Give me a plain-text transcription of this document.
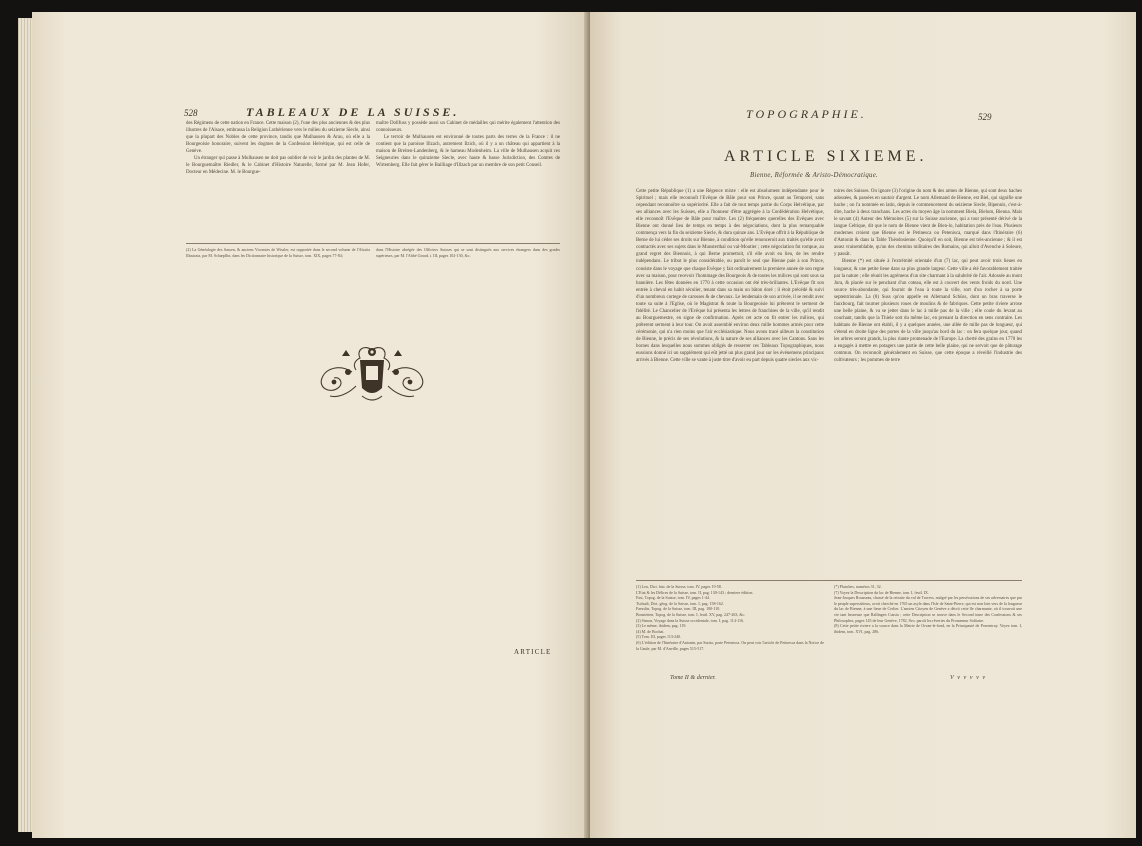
528	TABLEAUX DE LA SUISSE.

des Régimens de cette nation en France. Cette maison (2), l'une des plus anciennes & des plus illustres de l'Alsace, embrassa la Religion Luthérienne vers le milieu du seizieme Siecle, ainsi que la plupart des Nobles de cette province, tandis que Mulhausen & Arau, où elle a la Bourgeoisie honoraire, suivent les dogmes de la Confession Helvétique, qui est celle de Genève.

Un étranger qui passe à Mulhausen ne doit pas oublier de voir le jardin des plantes de M. le Bourguemaître Riedler, & le Cabinet d'Histoire Naturelle, formé par M. Jean Hofer, Docteur en Médecine. M. le Bourgue-

maître Dollfuss y possède aussi un Cabinet de médailles qui mérite également l'attention des connoisseurs.

Le terroir de Mulhausen est environné de toutes parts des terres de la France : il ne contient que la paroisse Illzach, autrement Ilzich, où il y a un château qui appartient à la maison de Breiten-Landenberg, & le hameau Modenheim. La ville de Mulhausen acquit ces Seigneuries dans le quinzieme Siecle, avec haute & basse Jurisdiction, des Comtes de Wirtemberg. Elle fait gérer le Bailliage d'Illzach par un membre de son petit Conseil.

(2) La Généalogie des Sassen, & anciens Vicomtes de Wissler, est rapportée dans le second volume de l'Alsatia Illustrata, par M. Schœpflin, dans les Dictionnaire historique de la Suisse, tom. XIX, pages 77-84;
dans l'Histoire abrégée des Officiers Suisses qui se sont distingués aux services étrangers dans des grades supérieurs, par M. l'Abbé Girard, t. III, pages 102-130, &c.
ARTICLE
TOPOGRAPHIE.	529
ARTICLE SIXIEME.
Bienne, Réformée & Aristo-Démocratique.

Cette petite République (1) a une Régence mixte : elle est absolument indépendante pour le Spirituel ; mais elle reconnoît l'Evêque de Bâle pour son Prince, quant au Temporel, sans cependant reconnoître sa supériorité. Elle a fait de tout temps partie du Corps Helvétique, par ses alliances avec les Suisses, elle a l'honneur d'être aggrégée à la Confédération Helvétique, elle reconnoît l'Evêque de Bâle pour maître. Les (2) fréquentes querelles des Evêques avec Bienne ont donné lieu de temps en temps à des négociations, dont la plus remarquable commença vers la fin du seizieme Siecle, & dura quinze ans. L'Evêque offrit à la République de Berne de lui céder ses droits sur Bienne, à condition qu'elle renonceroit aux traités qu'elle avoit contractés avec ses sujets dans le Munsterthal ou val-Moutier ; cette négociation fut rompue, au grand regret des Biennois, à qui Berne promettoit, s'il elle avoit eu lieu, de les rendre indépendans. Le tribut le plus considérable, ou paroît le seul que Bienne paie à son Prince, consiste dans le voyage que chaque Evêque y fait ordinairement la premiere année de son regne avec sa maison, pour recevoir l'hommage des Bourgeois & de toutes les milices qui sont sous sa bannière. Les fêtes données en 1770 à cette occasion ont été très-brillantes. L'Evêque fit son entrée à cheval en habit séculier, tenant dans sa main un bâton doré ; il étoit précédé & suivi d'un nombreux cortege de carosses & de chevaux. Le lendemain de son arrivée, il se rendit avec toute sa suite à l'Eglise, où le Magistrat & toute la Bourgeoisie lui prêterent le serment de fidélité. Le Chancelier de l'Evêque lui présenta les lettres de franchises de la ville, qu'il rendit au Bourguemestre, en signe de confirmation. Après cet acte on fit entrer les milices, qui prêterent serment à leur tour. On avoit assemblé environ deux mille hommes armés pour cette cérémonie, qui n'a rien moins que l'air ecclésiastique. Nous avons tracé ailleurs la constitution de Bienne, le précis de ses révolutions, & la nature de ses alliances avec les Cantons. Sans les bornes dans lesquelles nous sommes obligés de resserrer ces Tableaux Topographiques, nous eussions donné ici un supplément qui eût jetté un plus grand jour sur les événemens principaux arrivés à Bienne. Cette ville se vante à juste titre d'avoir eu part depuis quatre siecles aux vic-

toires des Suisses. On ignore (3) l'origine du nom & des armes de Bienne, qui sont deux haches adossées, & passées en sautoir d'argent. Le nom Allemand de Bienne, est Biel, qui signifie une hache ; on l'a nommée en latin, depuis le commencement du seizieme Siecle, Bipennis, c'est-à-dire, hache à deux tranchans. Les actes du moyen âge la nomment Biela, Bielum, Bienna. Mais le savant (4) Auteur des Mémoires (5) sur la Suisse ancienne, qui a tout présenté dérivé de la langue Celtique, dit que le nom de Bienne vient de Bien-lo, habitation près de l'eau. Plusieurs modernes croient que Bienne est le Petinesca ou Petenisca, marqué dans l'Itinéraire (6) d'Antonin & dans la Table Théodosienne. Quoiqu'il en soit, Bienne est très-ancienne ; & il est assez vraisemblable, qu'un des chemins militaires des Romains, qui alloit d'Avenche à Soleure, y passât.

Bienne (*) est située à l'extrémité orientale d'un (7) lac, qui peut avoir trois lieues en longueur, & une petite lieue dans sa plus grande largeur. Cette ville a été favorablement traitée par la nature ; elle réunit les agrémens d'un site charmant à la salubrité de l'air. Adossée au mont Jura, & placée sur le penchant d'un coteau, elle est à couvert des vents froids du nord. Une source très-abondante, qui fournit de l'eau à toute la ville, sort d'un rocher à sa porte septentrionale. La (8) Suss qu'on appelle en Allemand Schüss, dont un bras traverse le fauxbourg, fait tourner plusieurs roues de moulins & de fabriques. Cette petite riviere arrose une belle plaine, & va se jetter dans le lac à mille pas de la ville ; elle coule du levant au couchant, tandis que la Thiele sort du même lac, en prenant la direction en sens contraire. Les habitans de Bienne ont établi, il y a quelques années, une allée de mille pas de longueur, qui s'étend en droite ligne des portes de la ville jusqu'au bord du lac : on fera quelque jour, quand les arbres seront grands, la plus riante promenade de l'Europe. La cherté des grains en 1770 les a engagés à mettre en potagers une partie de cette belle plaine, qui ne servoit que de pâturage commun. On reconnoît généralement en Suisse, que cette époque a réveillé l'industrie des cultivateurs ; les pommes de terre

(1) Leu, Dict. hist. de la Suisse, tom. IV, pages 19-58.
L'Etat & les Délices de la Suisse, tom. II, pag. 130-143 ; derniere édition.
Fast, Topog. de la Suisse, tom. IV, pages 1-44.
Tschudi, Dict. géog. de la Suisse, tom. I, pag. 158-162.
Faesslin, Topog. de la Suisse, tom. III, pag. 100-110.
Bonstetten, Topog. de la Suisse, tom. I, feuil. XV, pag. 247-263, &c.
(2) Simon, Voyage dans la Suisse occidentale, tom. I, pag. 114-116.
(3) Le même, ibidem, pag. 119.
(4) M. de Bochat.
(5) Tom. III, pages 113-240.
(6) L'édition de l'Itinéraire d'Antonin, par Surita, porte Petenisca. On peut voir l'article de Petinesca dans la Notice de la Gaule, par M. d'Anville, pages 515-517.
(*) Planches, numéros 31, 32.
(7) Voyez la Description du lac de Bienne, tom. I, feuil. IX.
Jean-Jacques Rousseau, chassé de la retraite du val de Travers, malgré par les persécutions de ses adversaires que par le peuple superstitieux, avoit cherché en 1765 un asyle dans l'Isle de Saint-Pierre, qui est non loin vers de la longueur du lac de Bienne, à une lieue de Cerlier. L'ancien Citoyen de Genève a décrit cette île charmante, où il trouvoit une vie tant heureuse que Rallingen Cussia ; cette Description se trouve dans le Second tome des Confessions & ses Philosophes, pages 145 de leur Genève, 1782, 8vo. paroît les rêveries du Promeneur Solitaire.
(8) Cette petite riviere a la source dans la Mairie de Orvan-le-fond, en la Principauté de Porrentruy. Voyez tom. I, ibidem, tom. XVI, pag. 286.
Tome II & dernier.	V v v v v v
